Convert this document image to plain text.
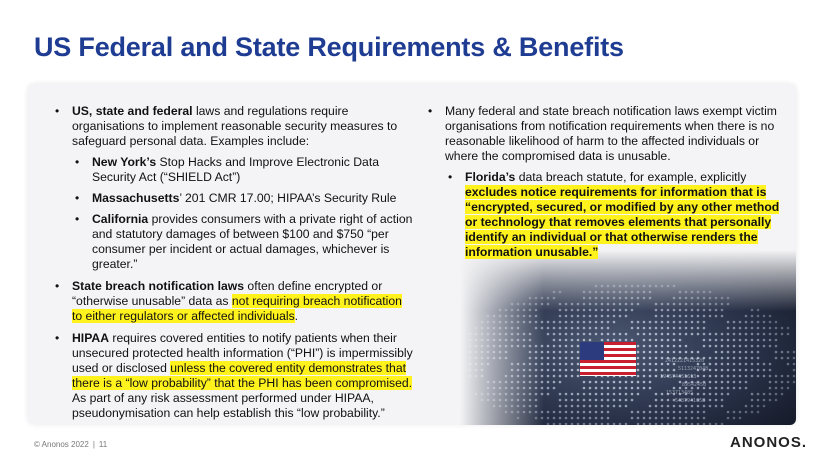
US Federal and State Requirements & Benefits
• US, state and federal laws and regulations require organisations to implement reasonable security measures to safeguard personal data. Examples include:
• New York’s Stop Hacks and Improve Electronic Data Security Act (“SHIELD Act”)
• Massachusetts’ 201 CMR 17.00; HIPAA’s Security Rule
• California provides consumers with a private right of action and statutory damages of between $100 and $750 “per consumer per incident or actual damages, whichever is greater.”
• State breach notification laws often define encrypted or “otherwise unusable” data as not requiring breach notification to either regulators or affected individuals.
• HIPAA requires covered entities to notify patients when their unsecured protected health information (“PHI”) is impermissibly used or disclosed unless the covered entity demonstrates that there is a “low probability” that the PHI has been compromised. As part of any risk assessment performed under HIPAA, pseudonymisation can help establish this “low probability.”
• Many federal and state breach notification laws exempt victim organisations from notification requirements when there is no reasonable likelihood of harm to the affected individuals or where the compromised data is unusable.
• Florida’s data breach statute, for example, explicitly excludes notice requirements for information that is “encrypted, secured, or modified by any other method or technology that removes elements that personally identify an individual or that otherwise renders the information unusable.”
© Anonos 2022 | 11	ANONOS.
